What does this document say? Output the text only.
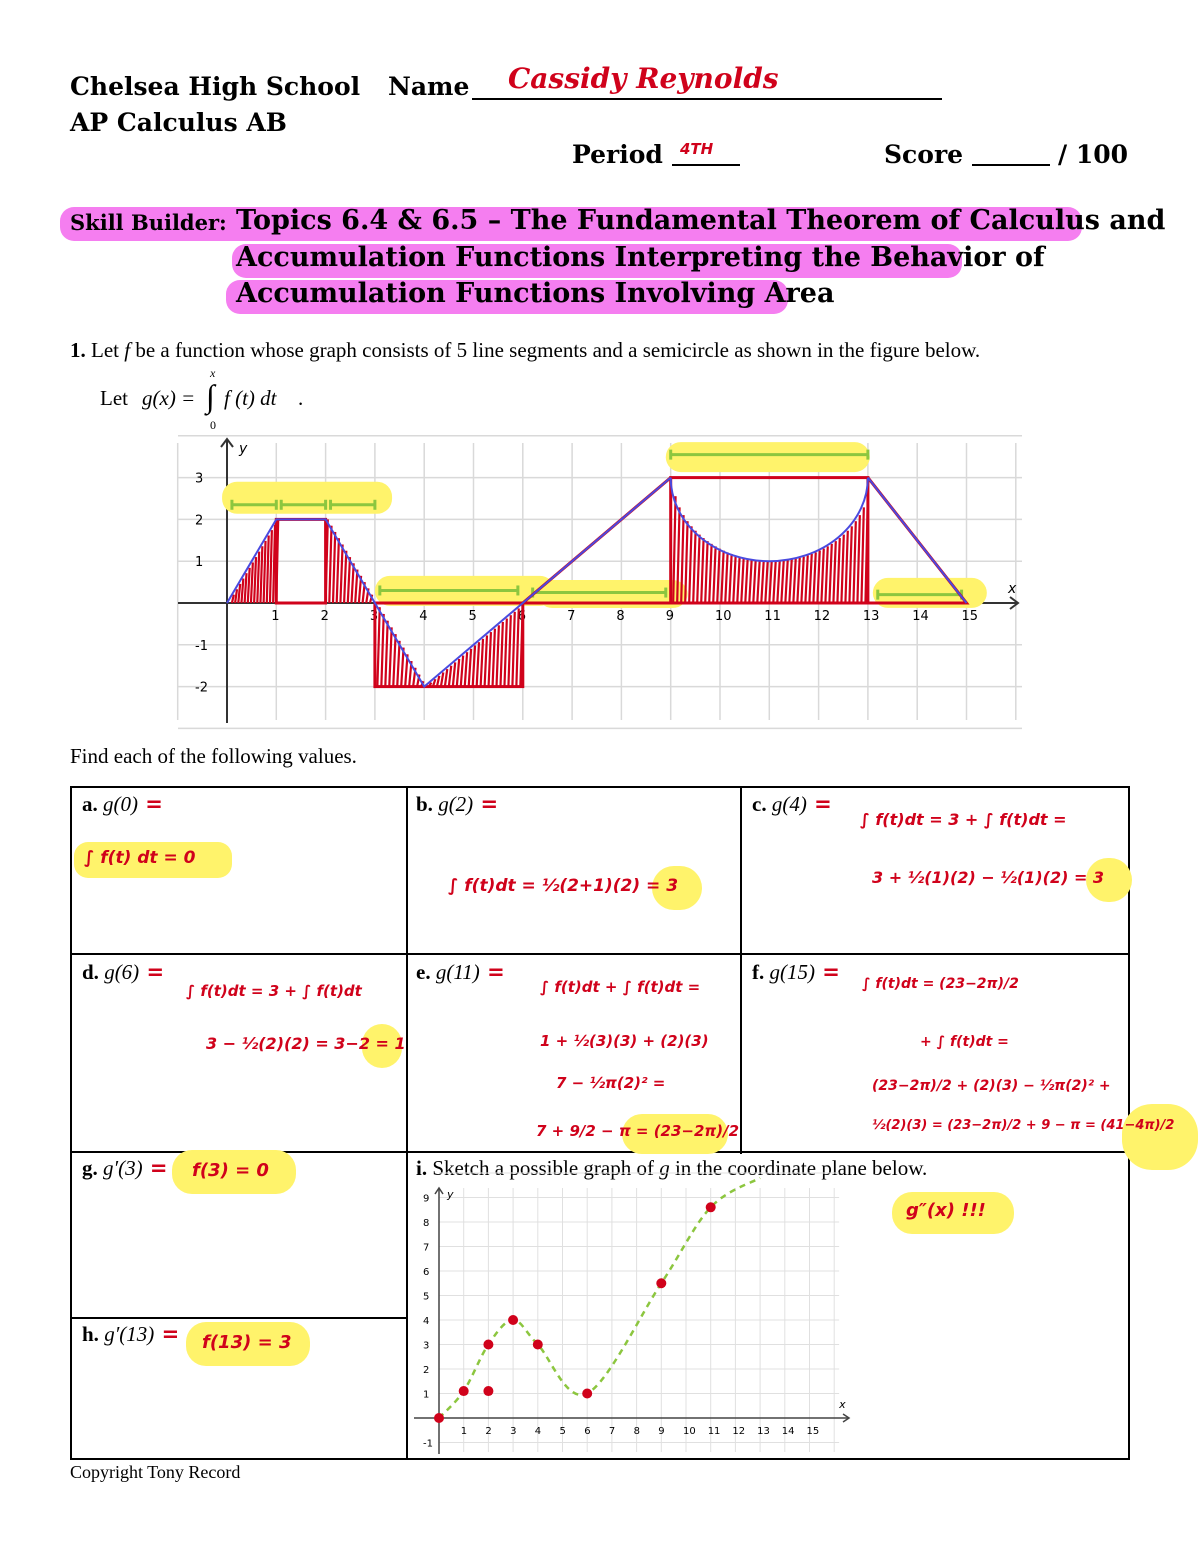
Chelsea High School Name Cassidy Reynolds
AP Calculus AB
Period 4TH	Score	/ 100
Skill Builder: Topics 6.4 & 6.5 – The Fundamental Theorem of Calculus and
Accumulation Functions Interpreting the Behavior of
Accumulation Functions Involving Area
1. Let f be a function whose graph consists of 5 line segments and a semicircle as shown in the figure below.
Let g(x) = ∫
x
0
f (t) dt .
x
y
1	2	3	4	5	6	7	8	9	10	11	12	13	14	15
3
2
1
-1
-2
Find each of the following values.
a. g(0) =
∫ f(t) dt = 0
b. g(2) =
∫ f(t)dt = ½(2+1)(2) = 3
c. g(4) =
∫ f(t)dt = 3 + ∫ f(t)dt =
3 + ½(1)(2) − ½(1)(2) = 3
d. g(6) =
∫ f(t)dt = 3 + ∫ f(t)dt
3 − ½(2)(2) = 3−2 = 1
e. g(11) =
∫ f(t)dt + ∫ f(t)dt =
1 + ½(3)(3) + (2)(3)
7 − ½π(2)² =
7 + 9/2 − π = (23−2π)/2
f. g(15) = ∫ f(t)dt = (23−2π)/2
+ ∫ f(t)dt =
(23−2π)/2 + (2)(3) − ½π(2)² +
½(2)(3) = (23−2π)/2 + 9 − π = (41−4π)/2
g. g′(3) = f(3) = 0
h. g′(13) = f(13) = 3
i. Sketch a possible graph of g in the coordinate plane below.
g″(x) !!!
x
y
1 2 3 4 5 6 7 8 9 10 11 12 13 14 15
9
8
7
6
5
4
3
2
1
-1
Copyright Tony Record
